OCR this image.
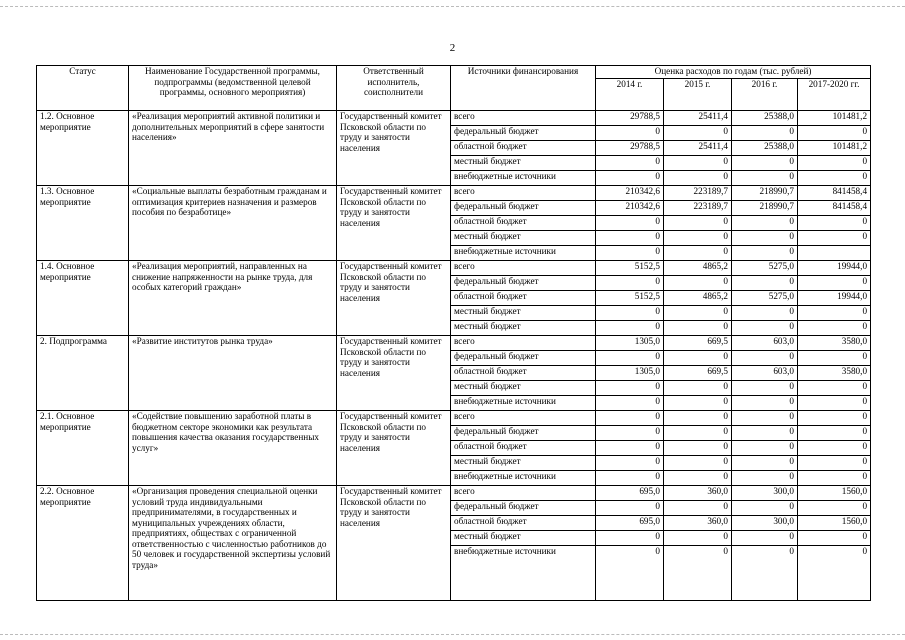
2
Статус	Наименование Государственной программы, подпрограммы (ведомственной целевой программы, основного мероприятия)	Ответственный исполнитель, соисполнители	Источники финансирования	Оценка расходов по годам (тыс. рублей)			
				2014 г.	2015 г.	2016 г.	2017-2020 гг.
1.2. Основное мероприятие	«Реализация мероприятий активной политики и дополнительных мероприятий в сфере занятости населения»	Государственный комитет Псковской области по труду и занятости населения	всего	29788,5	25411,4	25388,0	101481,2
			федеральный бюджет	0	0	0	0
			областной бюджет	29788,5	25411,4	25388,0	101481,2
			местный бюджет	0	0	0	0
			внебюджетные источники	0	0	0	0
1.3. Основное мероприятие	«Социальные выплаты безработным гражданам и оптимизация критериев назначения и размеров пособия по безработице»	Государственный комитет Псковской области по труду и занятости населения	всего	210342,6	223189,7	218990,7	841458,4
			федеральный бюджет	210342,6	223189,7	218990,7	841458,4
			областной бюджет	0	0	0	0
			местный бюджет	0	0	0	0
			внебюджетные источники	0	0	0	
1.4. Основное мероприятие	«Реализация мероприятий, направленных на снижение напряженности на рынке труда, для особых категорий граждан»	Государственный комитет Псковской области по труду и занятости населения	всего	5152,5	4865,2	5275,0	19944,0
			федеральный бюджет	0	0	0	0
			областной бюджет	5152,5	4865,2	5275,0	19944,0
			местный бюджет	0	0	0	0
			местный бюджет	0	0	0	0
2. Подпрограмма	«Развитие институтов рынка труда»	Государственный комитет Псковской области по труду и занятости населения	всего	1305,0	669,5	603,0	3580,0
			федеральный бюджет	0	0	0	0
			областной бюджет	1305,0	669,5	603,0	3580,0
			местный бюджет	0	0	0	0
			внебюджетные источники	0	0	0	0
2.1. Основное мероприятие	«Содействие повышению заработной платы в бюджетном секторе экономики как результата повышения качества оказания государственных услуг»	Государственный комитет Псковской области по труду и занятости населения	всего	0	0	0	0
			федеральный бюджет	0	0	0	0
			областной бюджет	0	0	0	0
			местный бюджет	0	0	0	0
			внебюджетные источники	0	0	0	0
2.2. Основное мероприятие	«Организация проведения специальной оценки условий труда индивидуальными предпринимателями, в государственных и муниципальных учреждениях области, предприятиях, обществах с ограниченной ответственностью с численностью работников до 50 человек и государственной экспертизы условий труда»	Государственный комитет Псковской области по труду и занятости населения	всего	695,0	360,0	300,0	1560,0
			федеральный бюджет	0	0	0	0
			областной бюджет	695,0	360,0	300,0	1560,0
			местный бюджет	0	0	0	0
			внебюджетные источники	0	0	0	0
